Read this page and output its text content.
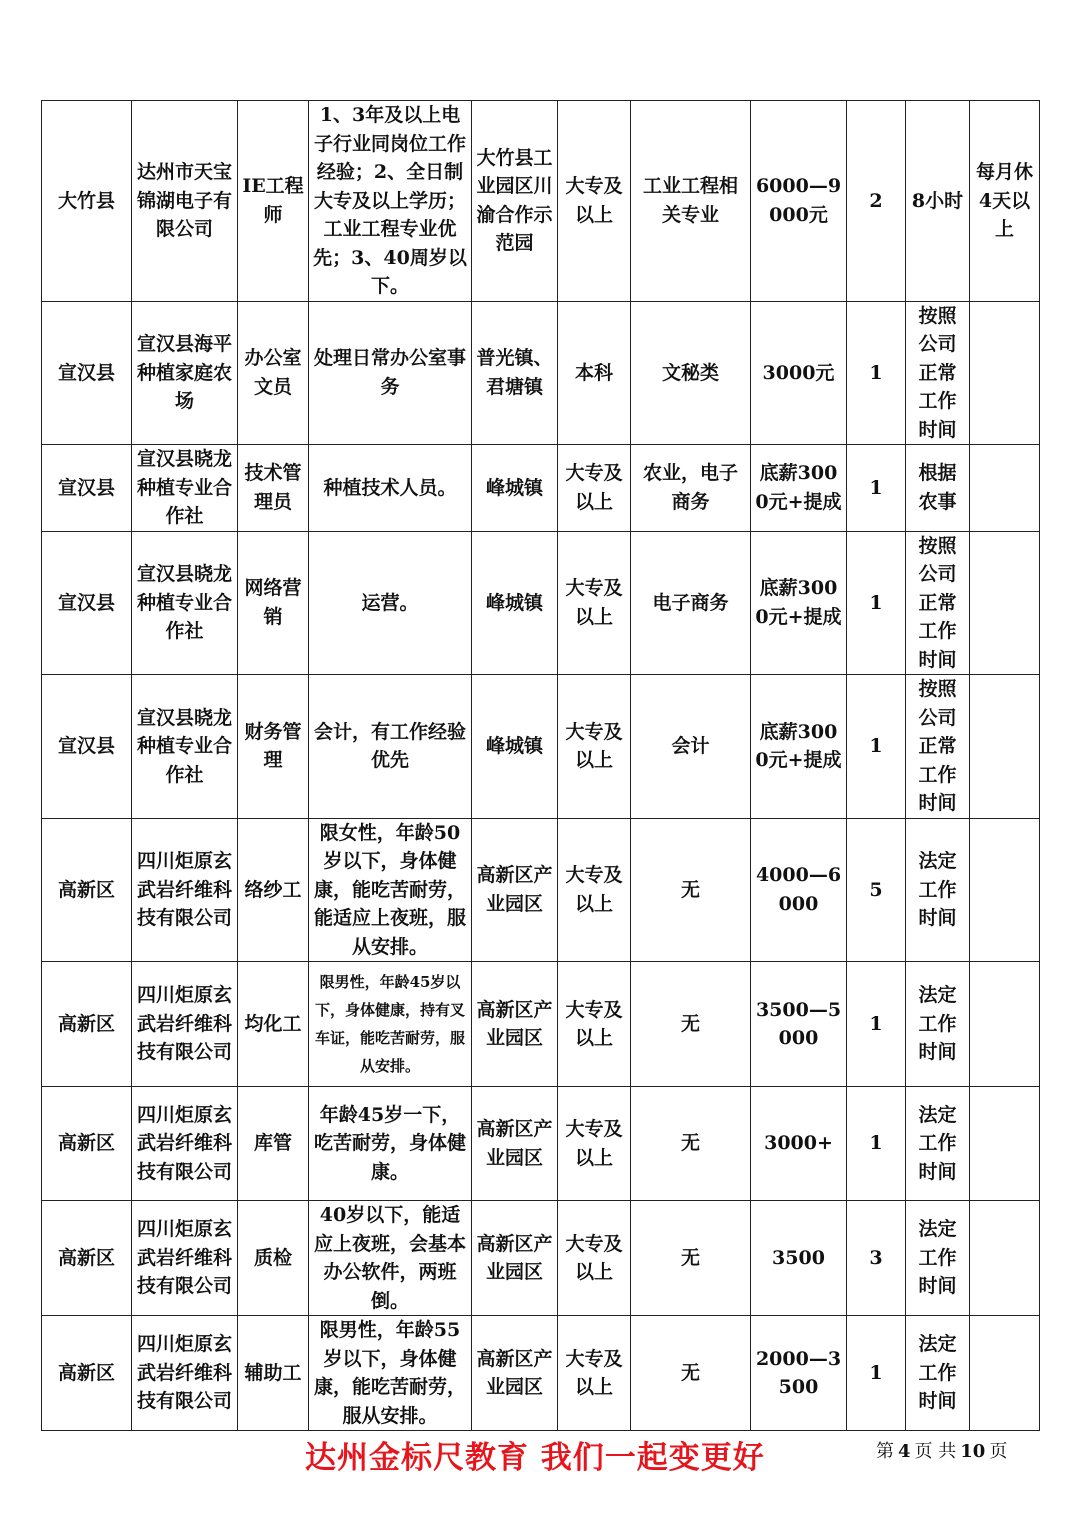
大竹县	达州市天宝锦湖电子有限公司	IE工程师	1、3年及以上电子行业同岗位工作经验；2、全日制大专及以上学历；工业工程专业优先；3、40周岁以下。	大竹县工业园区川渝合作示范园	大专及以上	工业工程相关专业	6000—9000元	2	8小时	每月休4天以上
宣汉县	宣汉县海平种植家庭农场	办公室文员	处理日常办公室事务	普光镇、君塘镇	本科	文秘类	3000元	1	按照公司正常工作时间	
宣汉县	宣汉县晓龙种植专业合作社	技术管理员	种植技术人员。	峰城镇	大专及以上	农业，电子商务	底薪3000元+提成	1	根据农事	
宣汉县	宣汉县晓龙种植专业合作社	网络营销	运营。	峰城镇	大专及以上	电子商务	底薪3000元+提成	1	按照公司正常工作时间	
宣汉县	宣汉县晓龙种植专业合作社	财务管理	会计，有工作经验优先	峰城镇	大专及以上	会计	底薪3000元+提成	1	按照公司正常工作时间	
高新区	四川炬原玄武岩纤维科技有限公司	络纱工	限女性，年龄50岁以下，身体健康，能吃苦耐劳，能适应上夜班，服从安排。	高新区产业园区	大专及以上	无	4000—6000	5	法定工作时间	
高新区	四川炬原玄武岩纤维科技有限公司	均化工	限男性，年龄45岁以下，身体健康，持有叉车证，能吃苦耐劳，服从安排。	高新区产业园区	大专及以上	无	3500—5000	1	法定工作时间	
高新区	四川炬原玄武岩纤维科技有限公司	库管	年龄45岁一下，吃苦耐劳，身体健康。	高新区产业园区	大专及以上	无	3000+	1	法定工作时间	
高新区	四川炬原玄武岩纤维科技有限公司	质检	40岁以下，能适应上夜班，会基本办公软件，两班倒。	高新区产业园区	大专及以上	无	3500	3	法定工作时间	
高新区	四川炬原玄武岩纤维科技有限公司	辅助工	限男性，年龄55岁以下，身体健康，能吃苦耐劳，服从安排。	高新区产业园区	大专及以上	无	2000—3500	1	法定工作时间	
达州金标尺教育 我们一起变更好	第 4 页 共 10 页
